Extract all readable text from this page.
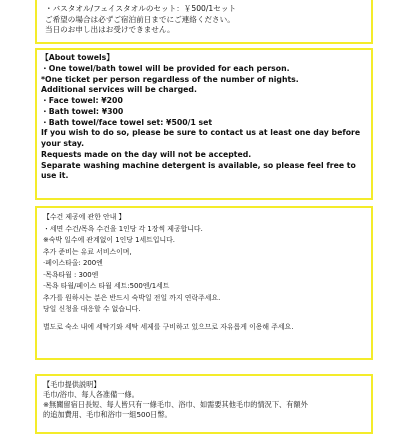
・バスタオル/フェイスタオルのセット：￥500/1セット
ご希望の場合は必ずご宿泊前日までにご連絡ください。
当日のお申し出はお受けできません。
【About towels】
・One towel/bath towel will be provided for each person.
*One ticket per person regardless of the number of nights.
Additional services will be charged.
・Face towel: ¥200
・Bath towel: ¥300
・Bath towel/face towel set: ¥500/1 set
If you wish to do so, please be sure to contact us at least one day before
your stay.
Requests made on the day will not be accepted.
Separate washing machine detergent is available, so please feel free to
use it.
【수건 제공에 관한 안내 】
・세면 수건/목욕 수건을 1인당 각 1장씩 제공합니다.
※숙박 일수에 관계없이 1인당 1세트입니다.
추가 준비는 유료 서비스이며,
·페이스타올: 200엔
·목욕타월 : 300엔
·목욕 타월/페이스 타월 세트:500엔/1세트
추가를 원하시는 분은 반드시 숙박일 전일 까지 연락주세요.
당일 신청을 대응할 수 없습니다.
별도로 숙소 내에 세탁기와 세탁 세제를 구비하고 있으므로 자유롭게 이용해 주세요.
【毛巾提供説明】
毛巾/浴巾、每人各准備一條。
※無關留宿日長短、每人皆只有一條毛巾、浴巾、如需要其他毛巾的情況下、有額外
的追加費用、毛巾和浴巾一組500日幣。
